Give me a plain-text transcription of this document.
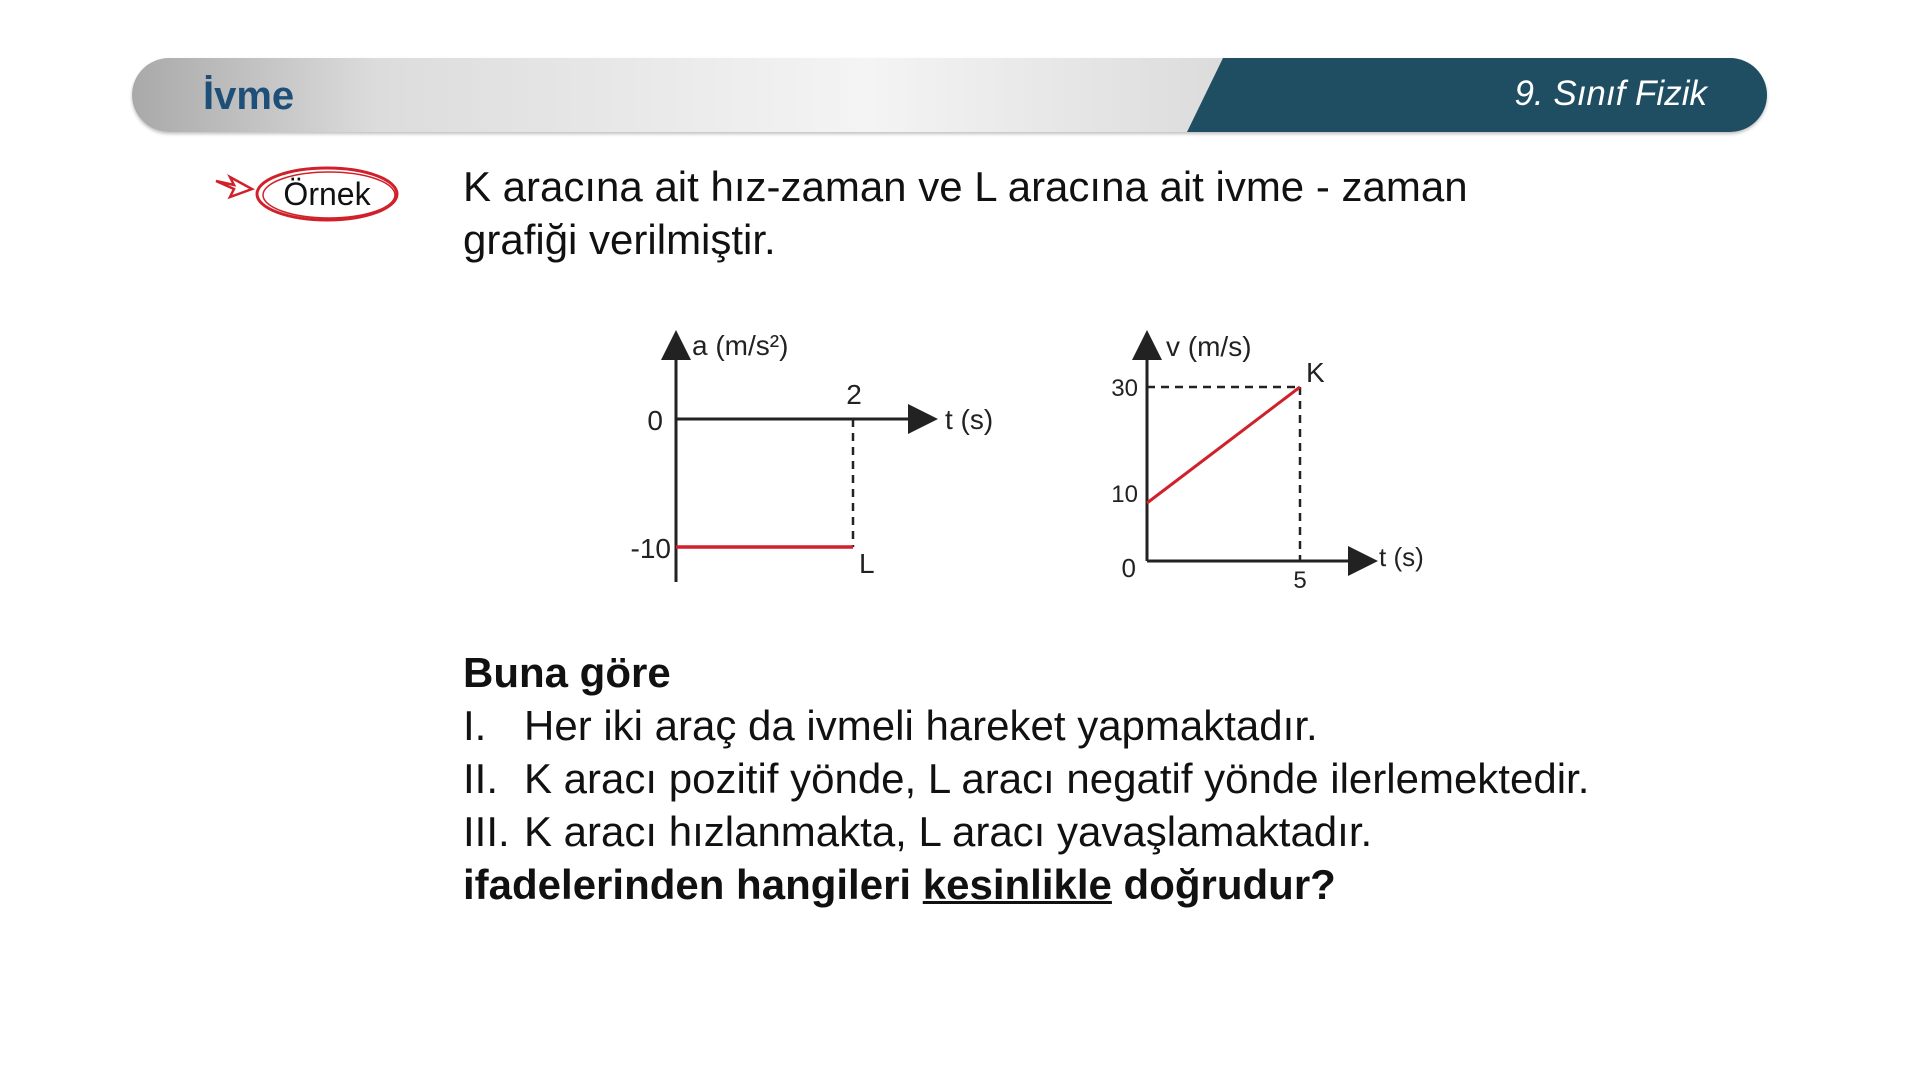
İvme	9. Sınıf Fizik
Örnek K aracına ait hız-zaman ve L aracına ait ivme - zaman
grafiği verilmiştir.
a (m/s²)
t (s)
0
-10
2
L
v (m/s)
t (s)
30
10
0	5
K
Buna göre
I. Her iki araç da ivmeli hareket yapmaktadır.
II. K aracı pozitif yönde, L aracı negatif yönde ilerlemektedir.
III. K aracı hızlanmakta, L aracı yavaşlamaktadır.
ifadelerinden hangileri kesinlikle doğrudur?
